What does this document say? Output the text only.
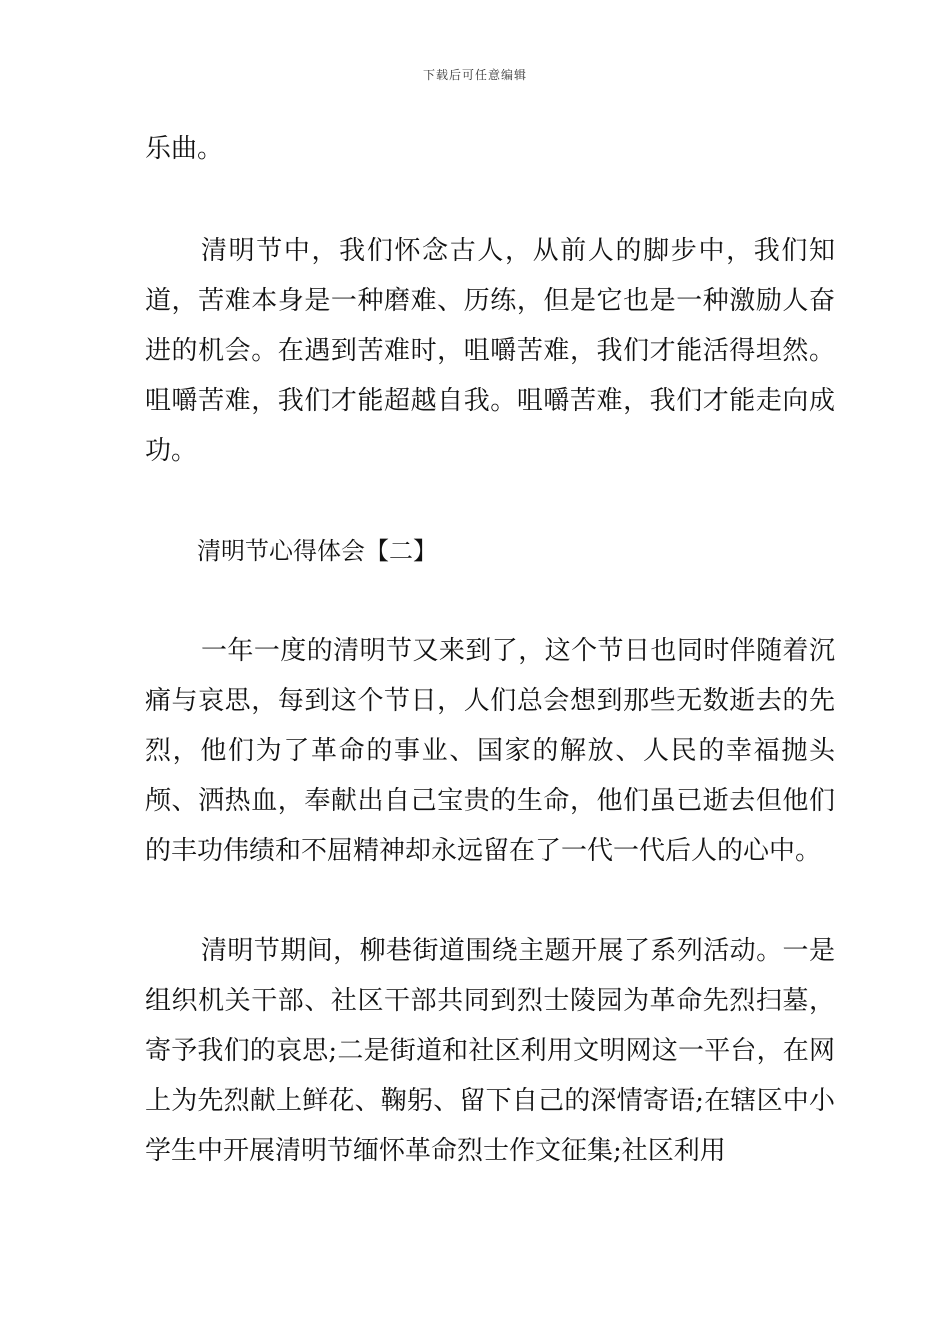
下载后可任意编辑

乐曲。

清明节中，我们怀念古人，从前人的脚步中，我们知道，苦难本身是一种磨难、历练，但是它也是一种激励人奋进的机会。在遇到苦难时，咀嚼苦难，我们才能活得坦然。咀嚼苦难，我们才能超越自我。咀嚼苦难，我们才能走向成功。

清明节心得体会【二】

一年一度的清明节又来到了，这个节日也同时伴随着沉痛与哀思，每到这个节日，人们总会想到那些无数逝去的先烈，他们为了革命的事业、国家的解放、人民的幸福抛头颅、洒热血，奉献出自己宝贵的生命，他们虽已逝去但他们的丰功伟绩和不屈精神却永远留在了一代一代后人的心中。

清明节期间，柳巷街道围绕主题开展了系列活动。一是组织机关干部、社区干部共同到烈士陵园为革命先烈扫墓，寄予我们的哀思;二是街道和社区利用文明网这一平台，在网上为先烈献上鲜花、鞠躬、留下自己的深情寄语;在辖区中小学生中开展清明节缅怀革命烈士作文征集;社区利用
